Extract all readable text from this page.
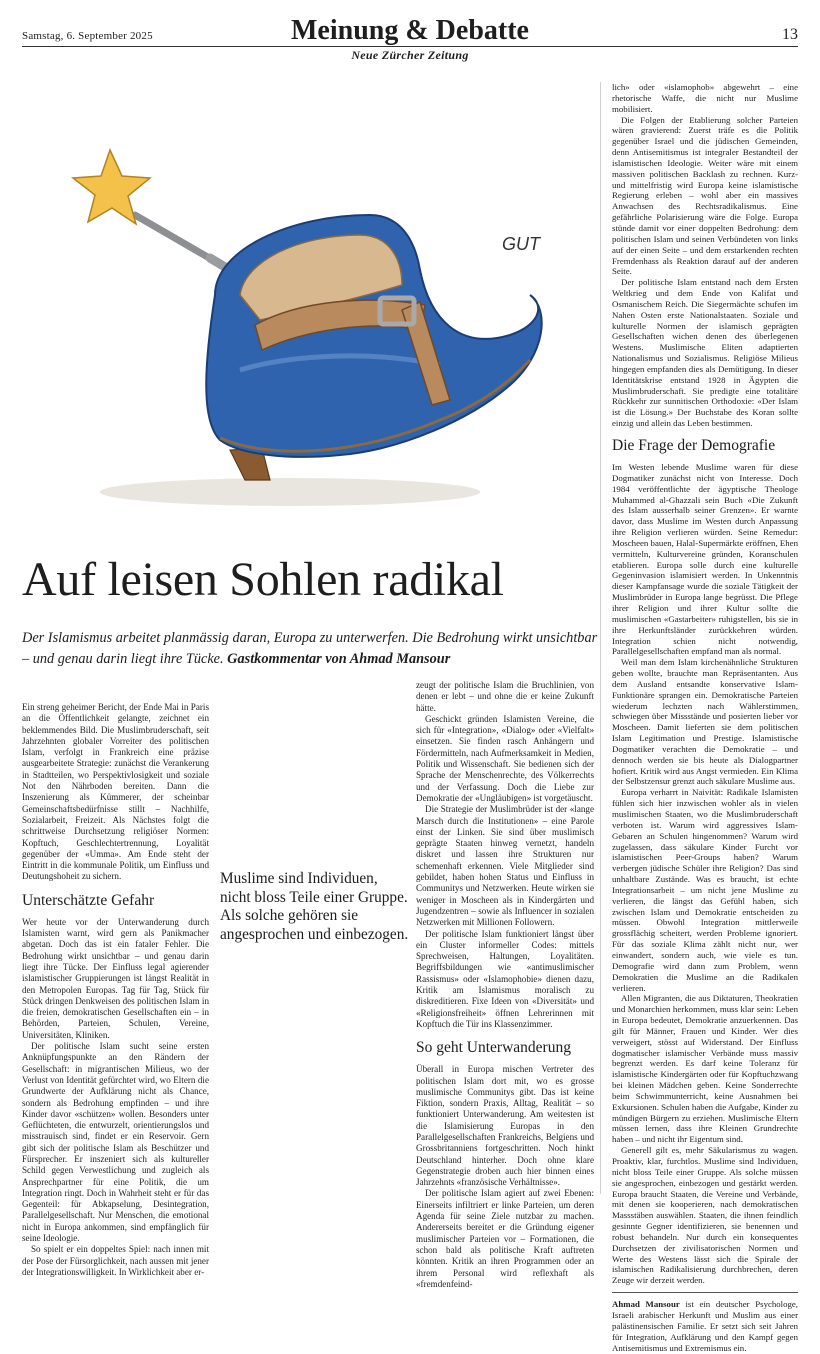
Samstag, 6. September 2025	Meinung & Debatte
Neue Zürcher Zeitung
13
GUT
Auf leisen Sohlen radikal
Der Islamismus arbeitet planmässig daran, Europa zu unterwerfen. Die Bedrohung wirkt unsichtbar – und genau darin liegt ihre Tücke. Gastkommentar von Ahmad Mansour
Muslime sind Individuen, nicht bloss Teile einer Gruppe. Als solche gehören sie angesprochen und einbezogen.

Ein streng geheimer Bericht, der Ende Mai in Paris an die Öffentlichkeit gelangte, zeichnet ein beklemmendes Bild. Die Muslimbruderschaft, seit Jahrzehnten globaler Vorreiter des politischen Islam, verfolgt in Frankreich eine präzise ausgearbeitete Strategie: zunächst die Verankerung in Stadtteilen, wo Perspektivlosigkeit und soziale Not den Nährboden bereiten. Dann die Inszenierung als Kümmerer, der scheinbar Gemeinschaftsbedürfnisse stillt – Nachhilfe, Sozialarbeit, Freizeit. Als Nächstes folgt die schrittweise Durchsetzung religiöser Normen: Kopftuch, Geschlechtertrennung, Loyalität gegenüber der «Umma». Am Ende steht der Eintritt in die kommunale Politik, um Einfluss und Deutungshoheit zu sichern.

Unterschätzte Gefahr

Wer heute vor der Unterwanderung durch Islamisten warnt, wird gern als Panikmacher abgetan. Doch das ist ein fataler Fehler. Die Bedrohung wirkt unsichtbar – und genau darin liegt ihre Tücke. Der Einfluss legal agierender islamistischer Gruppierungen ist längst Realität in den Metropolen Europas. Tag für Tag, Stück für Stück dringen Denkweisen des politischen Islam in die freien, demokratischen Gesellschaften ein – in Behörden, Parteien, Schulen, Vereine, Universitäten, Kliniken.

Der politische Islam sucht seine ersten Anknüpfungspunkte an den Rändern der Gesellschaft: in migrantischen Milieus, wo der Verlust von Identität gefürchtet wird, wo Eltern die Grundwerte der Aufklärung nicht als Chance, sondern als Bedrohung empfinden – und ihre Kinder davor «schützen» wollen. Besonders unter Geflüchteten, die entwurzelt, orientierungslos und misstrauisch sind, findet er ein Reservoir. Gern gibt sich der politische Islam als Beschützer und Fürsprecher. Er inszeniert sich als kultureller Schild gegen Verwestlichung und zugleich als Ansprechpartner für eine Politik, die um Integration ringt. Doch in Wahrheit steht er für das Gegenteil: für Abkapselung, Desintegration, Parallelgesellschaft. Nur Menschen, die emotional nicht in Europa ankommen, sind empfänglich für seine Ideologie.

So spielt er ein doppeltes Spiel: nach innen mit der Pose der Fürsorglichkeit, nach aussen mit jener der Integrationswilligkeit. In Wirklichkeit aber er-

zeugt der politische Islam die Bruchlinien, von denen er lebt – und ohne die er keine Zukunft hätte.

Geschickt gründen Islamisten Vereine, die sich für «Integration», «Dialog» oder «Vielfalt» einsetzen. Sie finden rasch Anhängern und Fördermitteln, nach Aufmerksamkeit in Medien, Politik und Wissenschaft. Sie bedienen sich der Sprache der Menschenrechte, des Völkerrechts und der Verfassung. Doch die Liebe zur Demokratie der «Ungläubigen» ist vorgetäuscht.

Die Strategie der Muslimbrüder ist der «lange Marsch durch die Institutionen» – eine Parole einst der Linken. Sie sind über muslimisch geprägte Staaten hinweg vernetzt, handeln diskret und lassen ihre Strukturen nur schemenhaft erkennen. Viele Mitglieder sind gebildet, haben hohen Status und Einfluss in Communitys und Netzwerken. Heute wirken sie weniger in Moscheen als in Kindergärten und Jugendzentren – sowie als Influencer in sozialen Netzwerken mit Millionen Followern.

Der politische Islam funktioniert längst über ein Cluster informeller Codes: mittels Sprechweisen, Haltungen, Loyalitäten. Begriffsbildungen wie «antimuslimischer Rassismus» oder «Islamophobie» dienen dazu, Kritik am Islamismus moralisch zu diskreditieren. Fixe Ideen von «Diversität» und «Religionsfreiheit» öffnen Lehrerinnen mit Kopftuch die Tür ins Klassenzimmer.

So geht Unterwanderung

Überall in Europa mischen Vertreter des politischen Islam dort mit, wo es grosse muslimische Communitys gibt. Das ist keine Fiktion, sondern Praxis, Alltag, Realität – so funktioniert Unterwanderung. Am weitesten ist die Islamisierung Europas in den Parallelgesellschaften Frankreichs, Belgiens und Grossbritanniens fortgeschritten. Noch hinkt Deutschland hinterher. Doch ohne klare Gegenstrategie droben auch hier binnen eines Jahrzehnts «französische Verhältnisse».

Der politische Islam agiert auf zwei Ebenen: Einerseits infiltriert er linke Parteien, um deren Agenda für seine Ziele nutzbar zu machen. Andererseits bereitet er die Gründung eigener muslimischer Parteien vor – Formationen, die schon bald als politische Kraft auftreten könnten. Kritik an ihren Programmen oder an ihrem Personal wird reflexhaft als «fremdenfeind-

lich» oder «islamophob» abgewehrt – eine rhetorische Waffe, die nicht nur Muslime mobilisiert.

Die Folgen der Etablierung solcher Parteien wären gravierend: Zuerst träfe es die Politik gegenüber Israel und die jüdischen Gemeinden, denn Antisemitismus ist integraler Bestandteil der islamistischen Ideologie. Weiter wäre mit einem massiven politischen Backlash zu rechnen. Kurz- und mittelfristig wird Europa keine islamistische Regierung erleben – wohl aber ein massives Anwachsen des Rechtsradikalismus. Eine gefährliche Polarisierung wäre die Folge. Europa stünde damit vor einer doppelten Bedrohung: dem politischen Islam und seinen Verbündeten von links auf der einen Seite – und dem erstarkenden rechten Fremdenhass als Reaktion darauf auf der anderen Seite.

Der politische Islam entstand nach dem Ersten Weltkrieg und dem Ende von Kalifat und Osmanischem Reich. Die Siegermächte schufen im Nahen Osten erste Nationalstaaten. Soziale und kulturelle Normen der islamisch geprägten Gesellschaften wichen denen des überlegenen Westens. Muslimische Eliten adaptierten Nationalismus und Sozialismus. Religiöse Milieus hingegen empfanden dies als Demütigung. In dieser Identitätskrise entstand 1928 in Ägypten die Muslimbruderschaft. Sie predigte eine totalitäre Rückkehr zur sunnitischen Orthodoxie: «Der Islam ist die Lösung.» Der Buchstabe des Koran sollte einzig und allein das Leben bestimmen.

Die Frage der Demografie

Im Westen lebende Muslime waren für diese Dogmatiker zunächst nicht von Interesse. Doch 1984 veröffentlichte der ägyptische Theologe Muhammed al-Ghazzali sein Buch «Die Zukunft des Islam ausserhalb seiner Grenzen». Er warnte davor, dass Muslime im Westen durch Anpassung ihre Religion verlieren würden. Seine Remedur: Moscheen bauen, Halal-Supermärkte eröffnen, Ehen vermitteln, Kulturvereine gründen, Koranschulen etablieren. Europa solle durch eine kulturelle Gegeninvasion islamisiert werden. In Unkenntnis dieser Kampfansage wurde die soziale Tätigkeit der Muslimbrüder in Europa lange begrüsst. Die Pflege ihrer Religion und ihrer Kultur sollte die muslimischen «Gastarbeiter» ruhigstellen, bis sie in ihre Herkunftsländer zurückkehren würden. Integration schien nicht notwendig, Parallelgesellschaften empfand man als normal.

Weil man dem Islam kirchenähnliche Strukturen geben wollte, brauchte man Repräsentanten. Aus dem Ausland entsandte konservative Islam-Funktionäre sprangen ein. Demokratische Parteien wiederum lechzten nach Wählerstimmen, schwiegen über Missstände und posierten lieber vor Moscheen. Damit lieferten sie dem politischen Islam Legitimation und Prestige. Islamistische Dogmatiker verachten die Demokratie – und dennoch werden sie bis heute als Dialogpartner hofiert. Kritik wird aus Angst vermieden. Ein Klima der Selbstzensur grenzt auch säkulare Muslime aus.

Europa verharrt in Naivität: Radikale Islamisten fühlen sich hier inzwischen wohler als in vielen muslimischen Staaten, wo die Muslimbruderschaft verboten ist. Warum wird aggressives Islam-Gebaren an Schulen hingenommen? Warum wird zugelassen, dass säkulare Kinder Furcht vor islamistischen Peer-Groups haben? Warum verbergen jüdische Schüler ihre Religion? Das sind unhaltbare Zustände. Was es braucht, ist echte Integrationsarbeit – um nicht jene Muslime zu verlieren, die längst das Gefühl haben, sich zwischen Islam und Demokratie entscheiden zu müssen. Obwohl Integration mittlerweile grossflächig scheitert, werden Probleme ignoriert. Für das soziale Klima zählt nicht nur, wer einwandert, sondern auch, wie viele es tun. Demografie wird dann zum Problem, wenn Demokratien die Muslime an die Radikalen verlieren.

Allen Migranten, die aus Diktaturen, Theokratien und Monarchien herkommen, muss klar sein: Leben in Europa bedeutet, Demokratie anzuerkennen. Das gilt für Männer, Frauen und Kinder. Wer dies verweigert, stösst auf Widerstand. Der Einfluss dogmatischer islamischer Verbände muss massiv begrenzt werden. Es darf keine Toleranz für islamistische Kindergärten oder für Kopftuchzwang bei kleinen Mädchen geben. Keine Sonderrechte beim Schwimmunterricht, keine Ausnahmen bei Exkursionen. Schulen haben die Aufgabe, Kinder zu mündigen Bürgern zu erziehen. Muslimische Eltern müssen lernen, dass ihre Kleinen Grundrechte haben – und nicht ihr Eigentum sind.

Generell gilt es, mehr Säkularismus zu wagen. Proaktiv, klar, furchtlos. Muslime sind Individuen, nicht bloss Teile einer Gruppe. Als solche müssen sie angesprochen, einbezogen und gestärkt werden. Europa braucht Staaten, die Vereine und Verbände, mit denen sie kooperieren, nach demokratischen Massstäben auswählen. Staaten, die ihnen feindlich gesinnte Gegner identifizieren, sie benennen und robust behandeln. Nur durch ein konsequentes Durchsetzen der zivilisatorischen Normen und Werte des Westens lässt sich die Spirale der islamischen Radikalisierung durchbrechen, deren Zeuge wir derzeit werden.

Ahmad Mansour ist ein deutscher Psychologe, Israeli arabischer Herkunft und Muslim aus einer palästinensischen Familie. Er setzt sich seit Jahren für Integration, Aufklärung und den Kampf gegen Antisemitismus und Extremismus ein.
